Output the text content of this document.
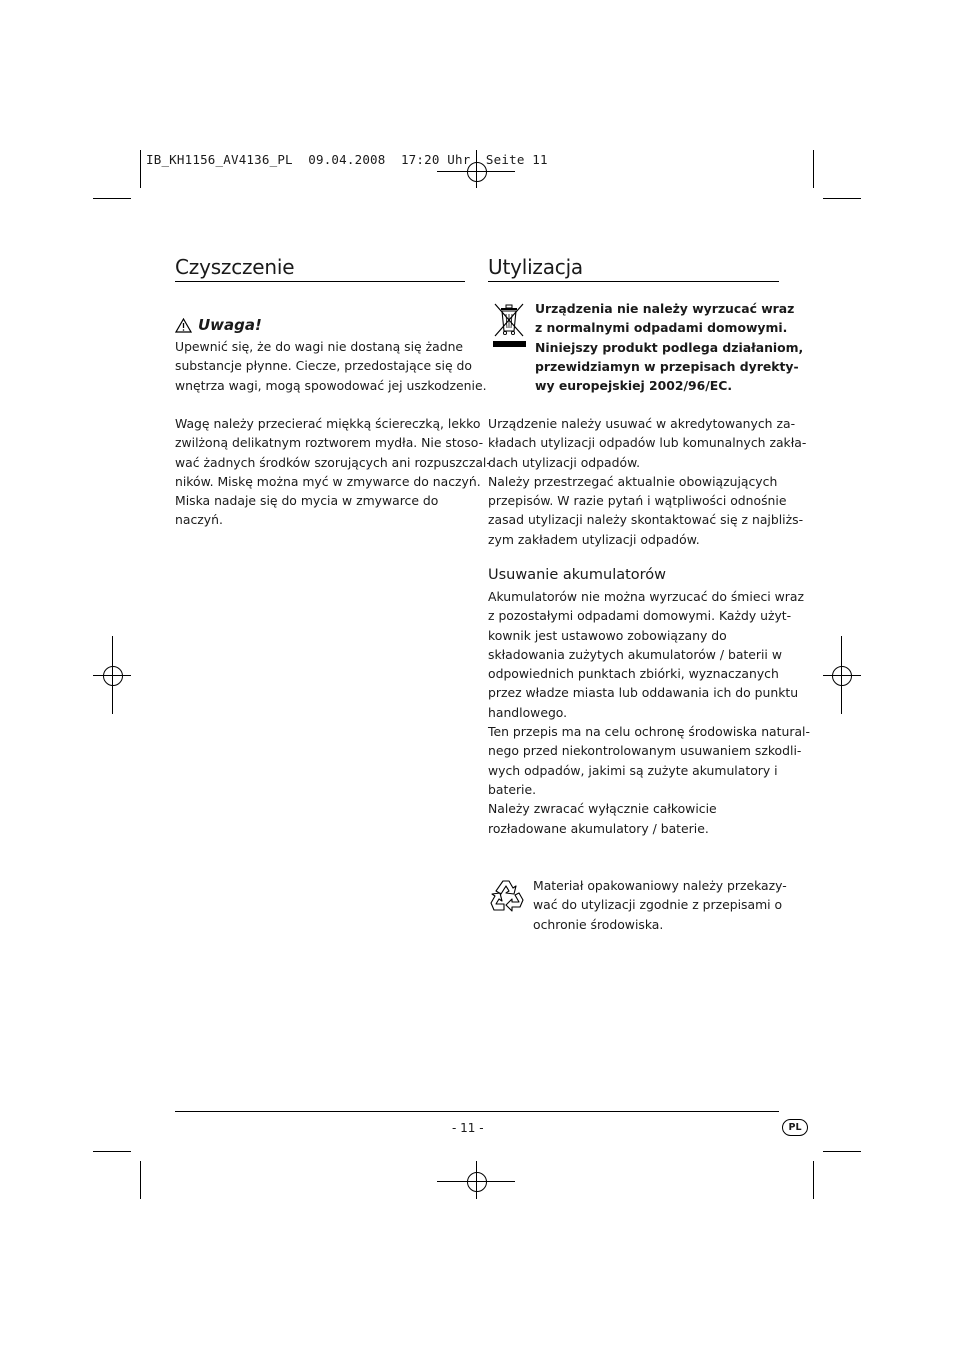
IB_KH1156_AV4136_PL  09.04.2008  17:20 Uhr  Seite 11
Czyszczenie
Uwaga!

Upewnić się, że do wagi nie dostaną się żadne

substancje płynne. Ciecze, przedostające się do

wnętrza wagi, mogą spowodować jej uszkodzenie.

Wagę należy przecierać miękką ściereczką, lekko

zwilżoną delikatnym roztworem mydła. Nie stoso-

wać żadnych środków szorujących ani rozpuszczal-

ników. Miskę można myć w zmywarce do naczyń.

Miska nadaje się do mycia w zmywarce do

naczyń.

Utylizacja

Urządzenia nie należy wyrzucać wraz

z normalnymi odpadami domowymi.

Niniejszy produkt podlega działaniom,

przewidziamyn w przepisach dyrekty-

wy europejskiej 2002/96/EC.

Urządzenie należy usuwać w akredytowanych za-

kładach utylizacji odpadów lub komunalnych zakła-

dach utylizacji odpadów.

Należy przestrzegać aktualnie obowiązujących

przepisów. W razie pytań i wątpliwości odnośnie

zasad utylizacji należy skontaktować się z najbliżs-

zym zakładem utylizacji odpadów.

Usuwanie akumulatorów

Akumulatorów nie można wyrzucać do śmieci wraz

z pozostałymi odpadami domowymi. Każdy użyt-

kownik jest ustawowo zobowiązany do

składowania zużytych akumulatorów / baterii w

odpowiednich punktach zbiórki, wyznaczanych

przez władze miasta lub oddawania ich do punktu

handlowego.

Ten przepis ma na celu ochronę środowiska natural-

nego przed niekontrolowanym usuwaniem szkodli-

wych odpadów, jakimi są zużyte akumulatory i

baterie.

Należy zwracać wyłącznie całkowicie

rozładowane akumulatory / baterie.

Materiał opakowaniowy należy przekazy-

wać do utylizacji zgodnie z przepisami o

ochronie środowiska.

- 11 -	PL
